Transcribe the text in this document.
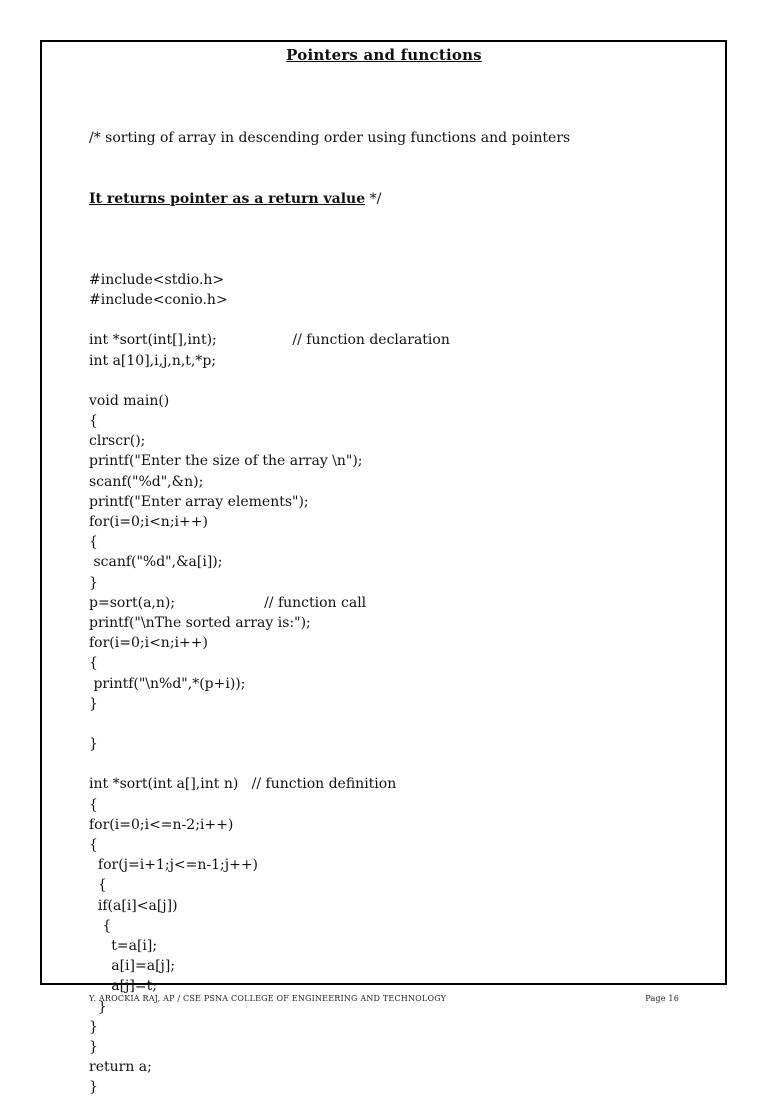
Pointers and functions

/* sorting of array in descending order using functions and pointers

It returns pointer as a return value */

#include<stdio.h>
#include<conio.h>
int *sort(int[],int);                 // function declaration
int a[10],i,j,n,t,*p;
void main()
{
clrscr();
printf("Enter the size of the array \n");
scanf("%d",&n);
printf("Enter array elements");
for(i=0;i<n;i++)
{
scanf("%d",&a[i]);
}
p=sort(a,n);                    // function call
printf("\nThe sorted array is:");
for(i=0;i<n;i++)
{
printf("\n%d",*(p+i));
}
}
int *sort(int a[],int n)   // function definition
{
for(i=0;i<=n-2;i++)
{
for(j=i+1;j<=n-1;j++)
{
if(a[i]<a[j])
{
t=a[i];
a[i]=a[j];
a[j]=t;
}
}
}
return a;
}

Y. AROCKIA RAJ, AP / CSE PSNA COLLEGE OF ENGINEERING AND TECHNOLOGY	Page 16
